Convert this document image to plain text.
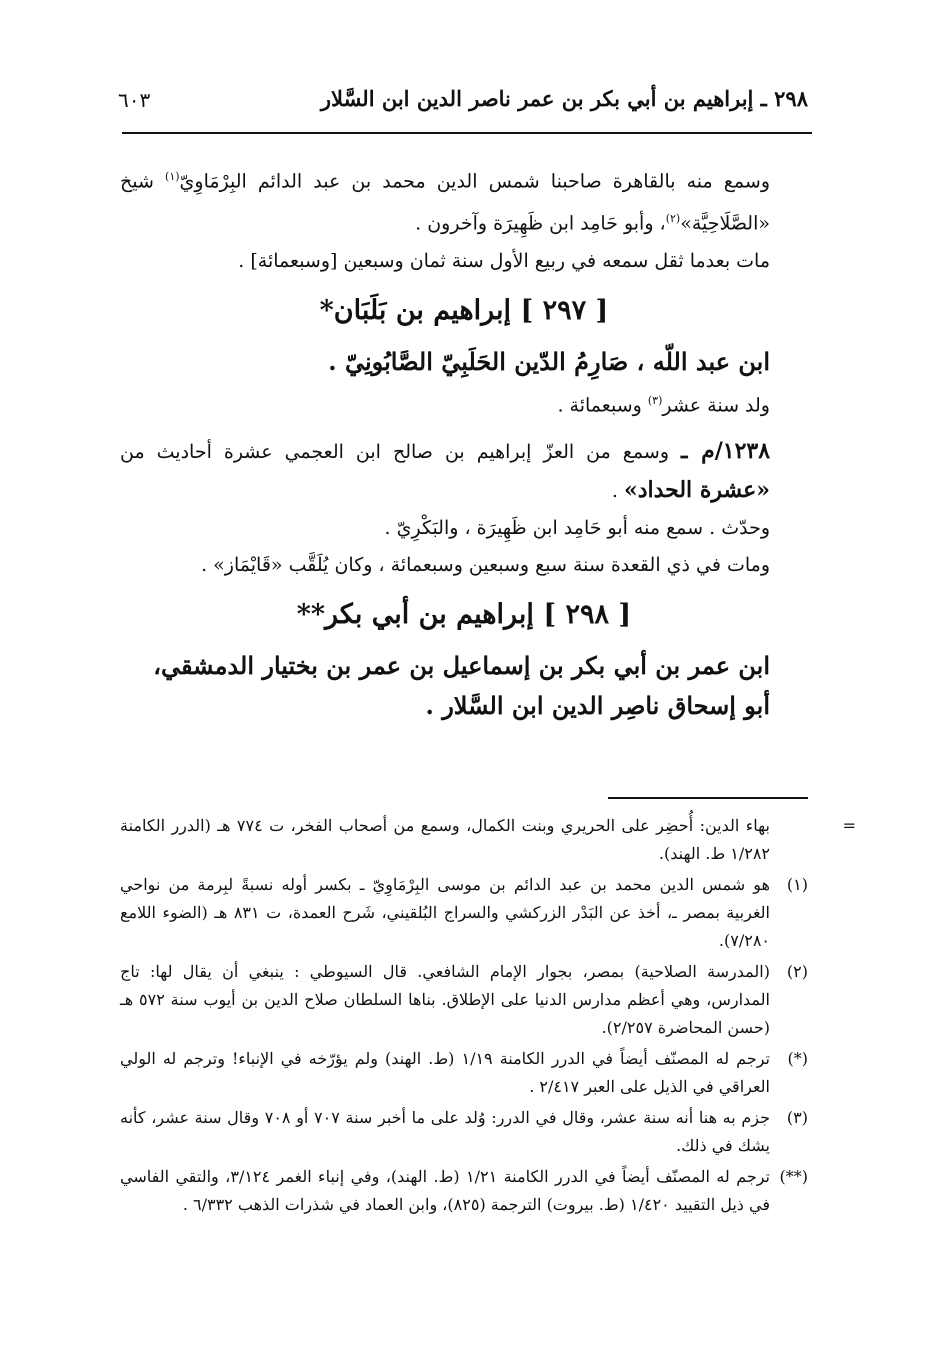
٢٩٨ ـ إبراهيم بن أبي بكر بن عمر ناصر الدين ابن السَّلار
٦٠٣

وسمع منه بالقاهرة صاحبنا شمس الدين محمد بن عبد الدائم البِرْمَاوِيّ$^{(١)}$ شيخ «الصَّلَاحِيَّة»$^{(٢)}$، وأبو حَامِد ابن ظَهِيرَة وآخرون .

مات بعدما ثقل سمعه في ربيع الأول سنة ثمان وسبعين [وسبعمائة] .

[ ٢٩٧ ] إبراهيم بن بَلَبَان*

ابن عبد اللّه ، صَارِمُ الدّين الحَلَبِيّ الصَّابُونِيّ .

ولد سنة عشر$^{(٣)}$ وسبعمائة .

١٢٣٨/م ـ وسمع من العزّ إبراهيم بن صالح ابن العجمي عشرة أحاديث من «عشرة الحداد» .

وحدّث . سمع منه أبو حَامِد ابن ظَهِيرَة ، والبَكْرِيّ .

ومات في ذي القعدة سنة سبع وسبعين وسبعمائة ، وكان يُلَقَّب «قَايْمَاز» .

[ ٢٩٨ ] إبراهيم بن أبي بكر**

ابن عمر بن أبي بكر بن إسماعيل بن عمر بن بختيار الدمشقي، أبو إسحاق ناصِر الدين ابن السَّلار .

=
بهاء الدين: أُحضِر على الحريري وبنت الكمال، وسمع من أصحاب الفخر، ت ٧٧٤ هـ (الدرر الكامنة ١/٢٨٢ ط. الهند).

(١)
هو شمس الدين محمد بن عبد الدائم بن موسى البِرْمَاوِيّ ـ بكسر أوله نسبةً لبِرمة من نواحي الغربية بمصر ـ، أخذ عن البَدْر الزركشي والسراج البُلقيني، شَرح العمدة، ت ٨٣١ هـ (الضوء اللامع ٧/٢٨٠).

(٢)
(المدرسة الصلاحية) بمصر، بجوار الإمام الشافعي. قال السيوطي : ينبغي أن يقال لها: تاج المدارس، وهي أعظم مدارس الدنيا على الإطلاق. بناها السلطان صلاح الدين بن أيوب سنة ٥٧٢ هـ (حسن المحاضرة ٢/٢٥٧).

(*)
ترجم له المصنّف أيضاً في الدرر الكامنة ١/١٩ (ط. الهند) ولم يؤرّخه في الإنباء! وترجم له الولي العراقي في الذيل على العبر ٢/٤١٧ .

(٣)
جزم به هنا أنه سنة عشر، وقال في الدرر: وُلد على ما أخبر سنة ٧٠٧ أو ٧٠٨ وقال سنة عشر، كأنه يشك في ذلك.

(**)
ترجم له المصنّف أيضاً في الدرر الكامنة ١/٢١ (ط. الهند)، وفي إنباء الغمر ٣/١٢٤، والتقي الفاسي في ذيل التقييد ١/٤٢٠ (ط. بيروت) الترجمة (٨٢٥)، وابن العماد في شذرات الذهب ٦/٣٣٢ .
